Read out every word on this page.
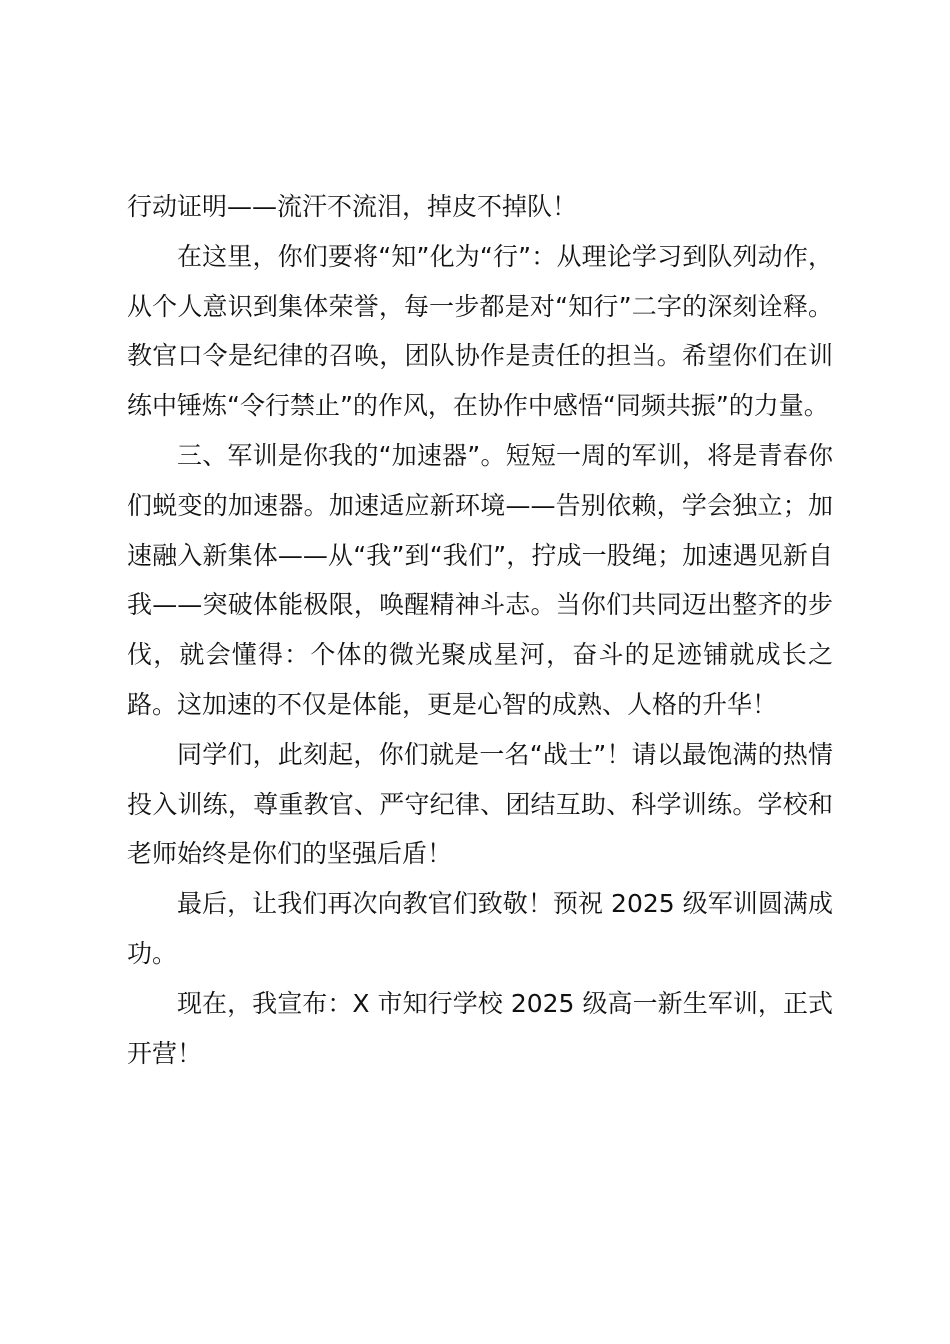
行动证明——流汗不流泪，掉皮不掉队！

在这里，你们要将“知”化为“行”：从理论学习到队列动作，从个人意识到集体荣誉，每一步都是对“知行”二字的深刻诠释。教官口令是纪律的召唤，团队协作是责任的担当。希望你们在训练中锤炼“令行禁止”的作风，在协作中感悟“同频共振”的力量。

三、军训是你我的“加速器”。短短一周的军训，将是青春你们蜕变的加速器。加速适应新环境——告别依赖，学会独立；加速融入新集体——从“我”到“我们”，拧成一股绳；加速遇见新自我——突破体能极限，唤醒精神斗志。当你们共同迈出整齐的步伐，就会懂得：个体的微光聚成星河，奋斗的足迹铺就成长之路。这加速的不仅是体能，更是心智的成熟、人格的升华！

同学们，此刻起，你们就是一名“战士”！请以最饱满的热情投入训练，尊重教官、严守纪律、团结互助、科学训练。学校和老师始终是你们的坚强后盾！

最后，让我们再次向教官们致敬！预祝 2025 级军训圆满成功。

现在，我宣布：X 市知行学校 2025 级高一新生军训，正式开营！
